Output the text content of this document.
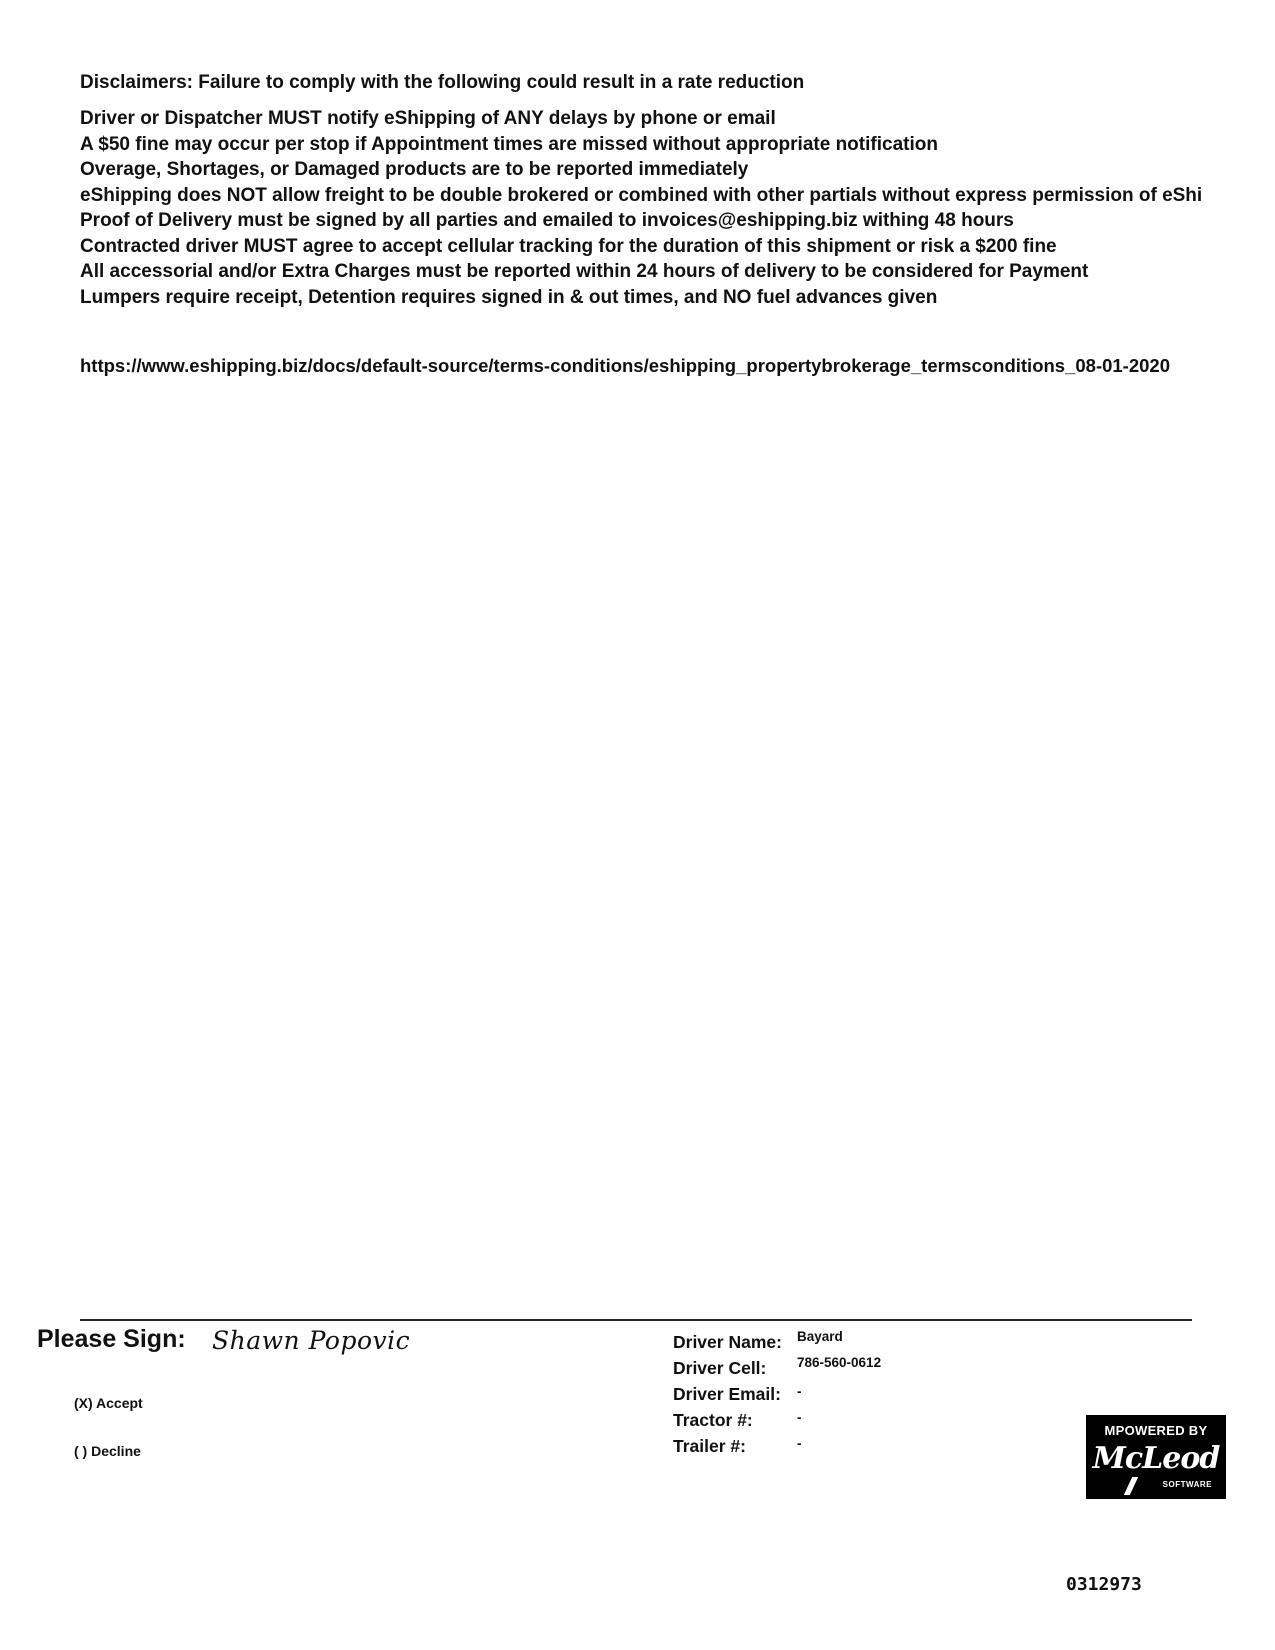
Disclaimers: Failure to comply with the following could result in a rate reduction
Driver or Dispatcher MUST notify eShipping of ANY delays by phone or email
A $50 fine may occur per stop if Appointment times are missed without appropriate notification
Overage, Shortages, or Damaged products are to be reported immediately
eShipping does NOT allow freight to be double brokered or combined with other partials without express permission of eShi
Proof of Delivery must be signed by all parties and emailed to invoices@eshipping.biz withing 48 hours
Contracted driver MUST agree to accept cellular tracking for the duration of this shipment or risk a $200 fine
All accessorial and/or Extra Charges must be reported within 24 hours of delivery to be considered for Payment
Lumpers require receipt, Detention requires signed in & out times, and NO fuel advances given
https://www.eshipping.biz/docs/default-source/terms-conditions/eshipping_propertybrokerage_termsconditions_08-01-2020
Please Sign: Shawn Popovic
(X) Accept
( ) Decline
Driver Name: Bayard
Driver Cell: 786-560-0612
Driver Email: -
Tractor #:	-
Trailer #:	-
MPOWERED BY
McLeod
SOFTWARE
0312973
